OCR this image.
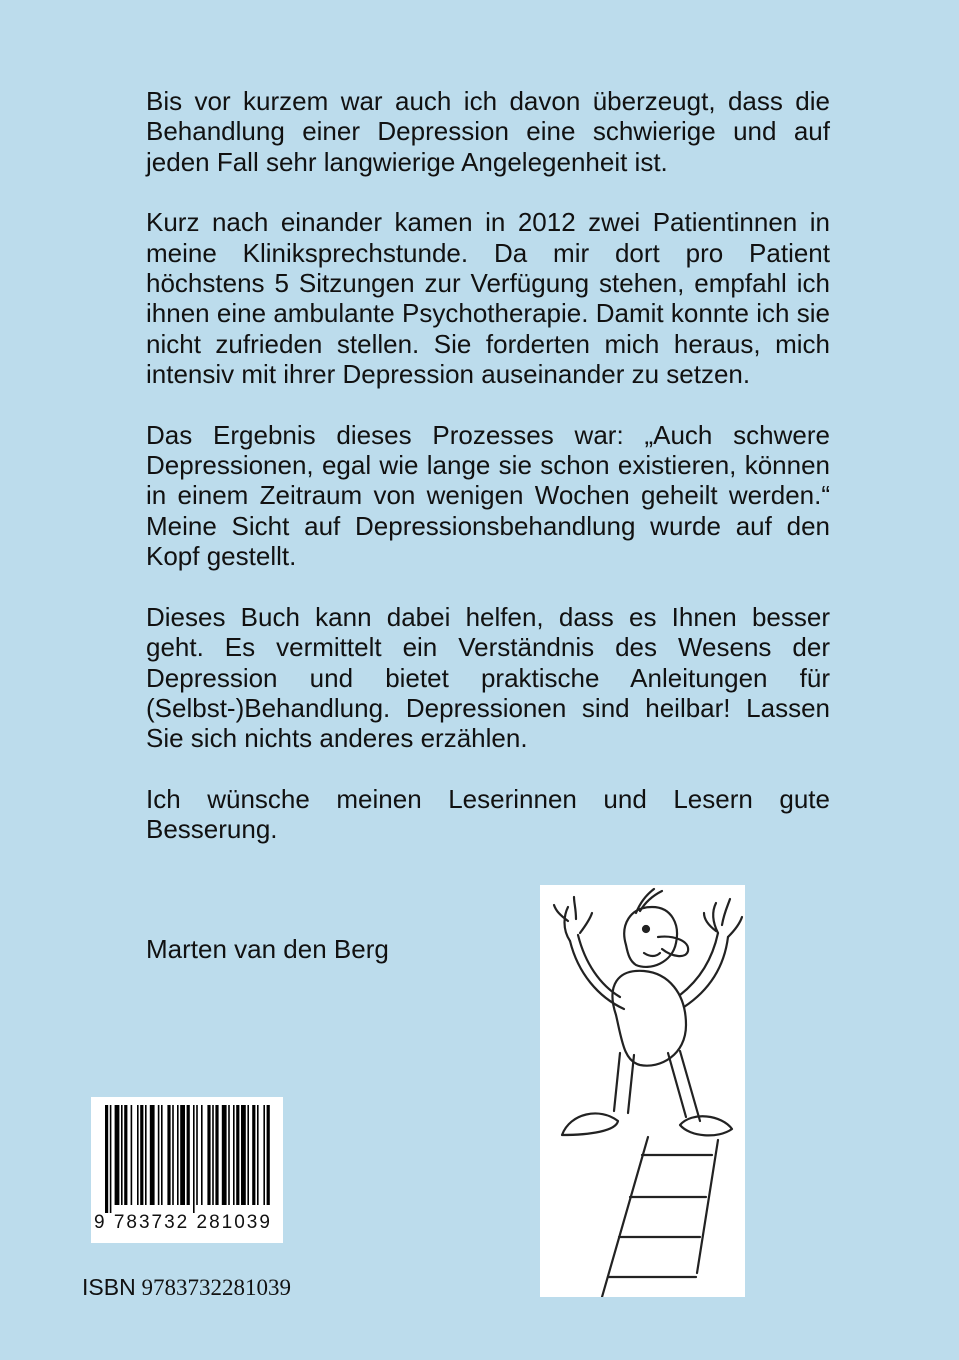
Bis vor kurzem war auch ich davon überzeugt, dass die Behandlung einer Depression eine schwierige und auf jeden Fall sehr langwierige Angelegenheit ist.

Kurz nach einander kamen in 2012 zwei Patientinnen in meine Kliniksprechstunde. Da mir dort pro Patient höchstens 5 Sitzungen zur Verfügung stehen, empfahl ich ihnen eine ambulante Psychotherapie. Damit konnte ich sie nicht zufrieden stellen. Sie forderten mich heraus, mich intensiv mit ihrer Depression auseinander zu setzen.

Das Ergebnis dieses Prozesses war: „Auch schwere Depressionen, egal wie lange sie schon existieren, können in einem Zeitraum von wenigen Wochen geheilt werden.“ Meine Sicht auf Depressionsbehandlung wurde auf den Kopf gestellt.

Dieses Buch kann dabei helfen, dass es Ihnen besser geht. Es vermittelt ein Verständnis des Wesens der Depression und bietet praktische Anleitungen für (Selbst-)Behandlung. Depressionen sind heilbar! Lassen Sie sich nichts anderes erzählen.

Ich wünsche meinen Leserinnen und Lesern gute Besserung.

Marten van den Berg

9 783732 281039
ISBN 9783732281039
